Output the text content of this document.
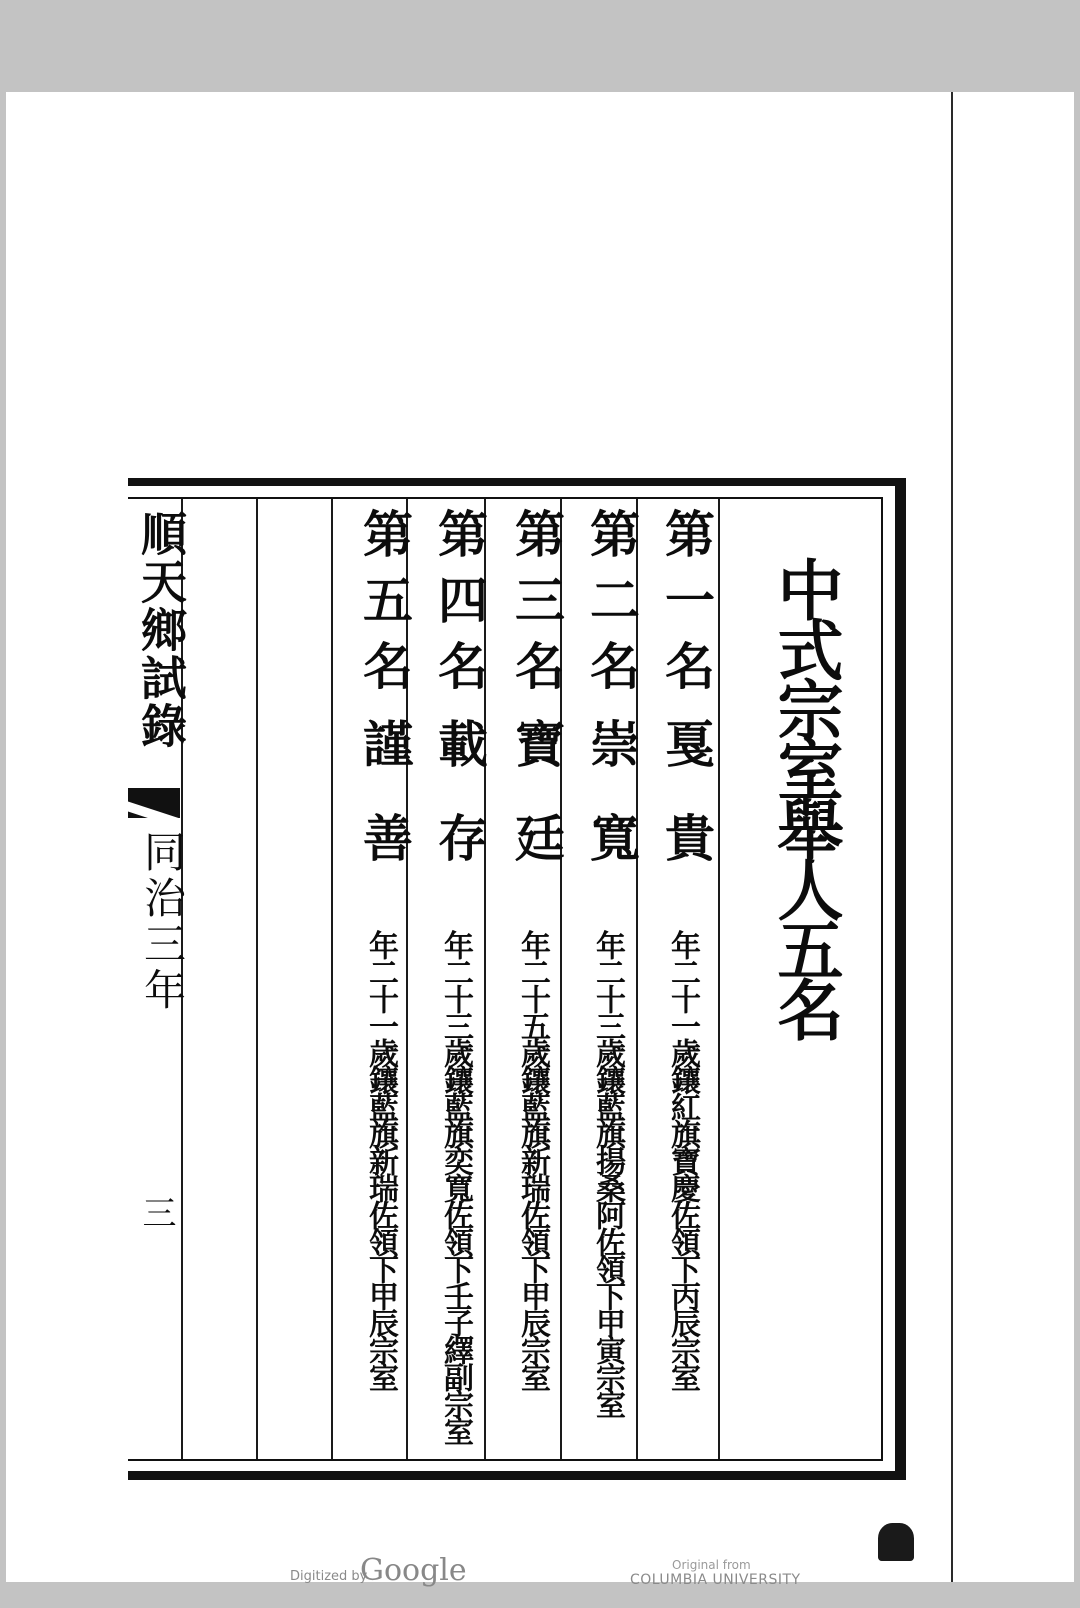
中式宗室舉人五名

第一名

戛貴

年二十一歲鑲紅旗寶慶佐領下丙辰宗室

第二名

崇寬

年二十三歲鑲藍旗揚桑阿佐領下甲寅宗室

第三名

寶廷

年二十五歲鑲藍旗新瑞佐領下甲辰宗室

第四名

載存

年二十三歲鑲藍旗奕寬佐領下壬子繹副宗室

第五名

謹善

年二十一歲鑲藍旗新瑞佐領下甲辰宗室

順天鄉試錄

同治三年

三

Digitized by
Google	Original from
COLUMBIA UNIVERSITY
